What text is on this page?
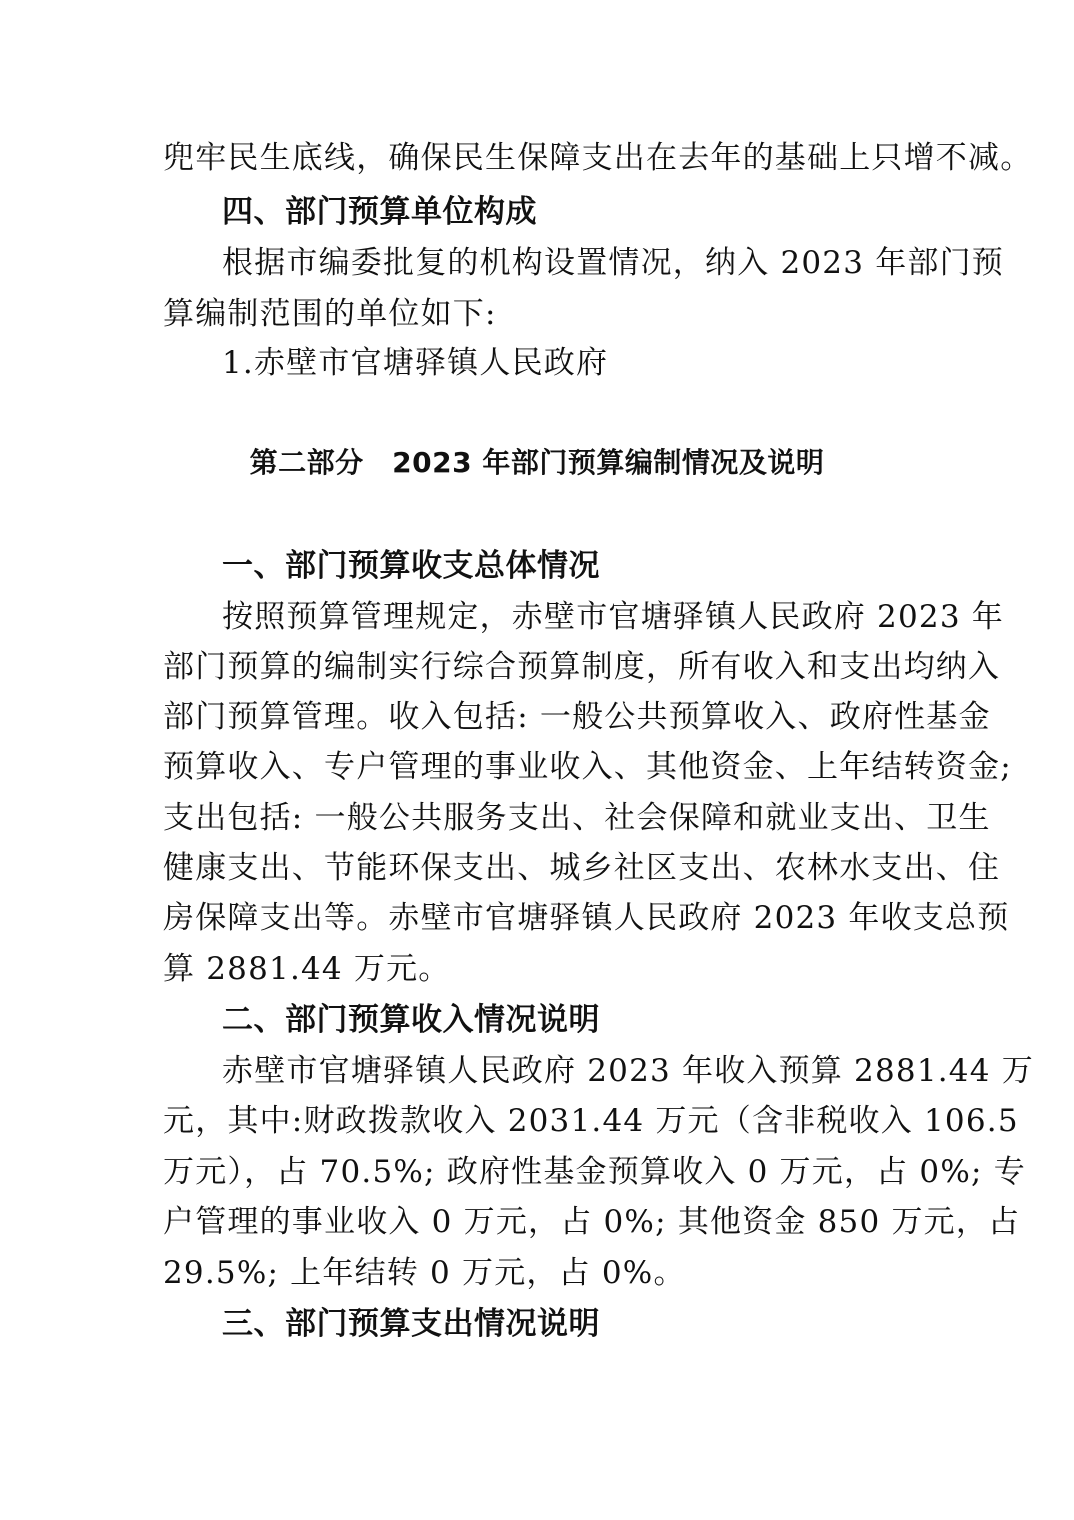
兜牢民生底线，确保民生保障支出在去年的基础上只增不减。
四、部门预算单位构成
根据市编委批复的机构设置情况，纳入 2023 年部门预
算编制范围的单位如下:
1.赤壁市官塘驿镇人民政府
第二部分　2023 年部门预算编制情况及说明
一、部门预算收支总体情况
按照预算管理规定，赤壁市官塘驿镇人民政府 2023 年
部门预算的编制实行综合预算制度，所有收入和支出均纳入
部门预算管理。收入包括: 一般公共预算收入、政府性基金
预算收入、专户管理的事业收入、其他资金、上年结转资金;
支出包括: 一般公共服务支出、社会保障和就业支出、卫生
健康支出、节能环保支出、城乡社区支出、农林水支出、住
房保障支出等。赤壁市官塘驿镇人民政府 2023 年收支总预
算 2881.44 万元。
二、部门预算收入情况说明
赤壁市官塘驿镇人民政府 2023 年收入预算 2881.44 万
元，其中:财政拨款收入 2031.44 万元（含非税收入 106.5
万元），占 70.5%; 政府性基金预算收入 0 万元，占 0%; 专
户管理的事业收入 0 万元，占 0%; 其他资金 850 万元，占
29.5%; 上年结转 0 万元，占 0%。
三、部门预算支出情况说明
